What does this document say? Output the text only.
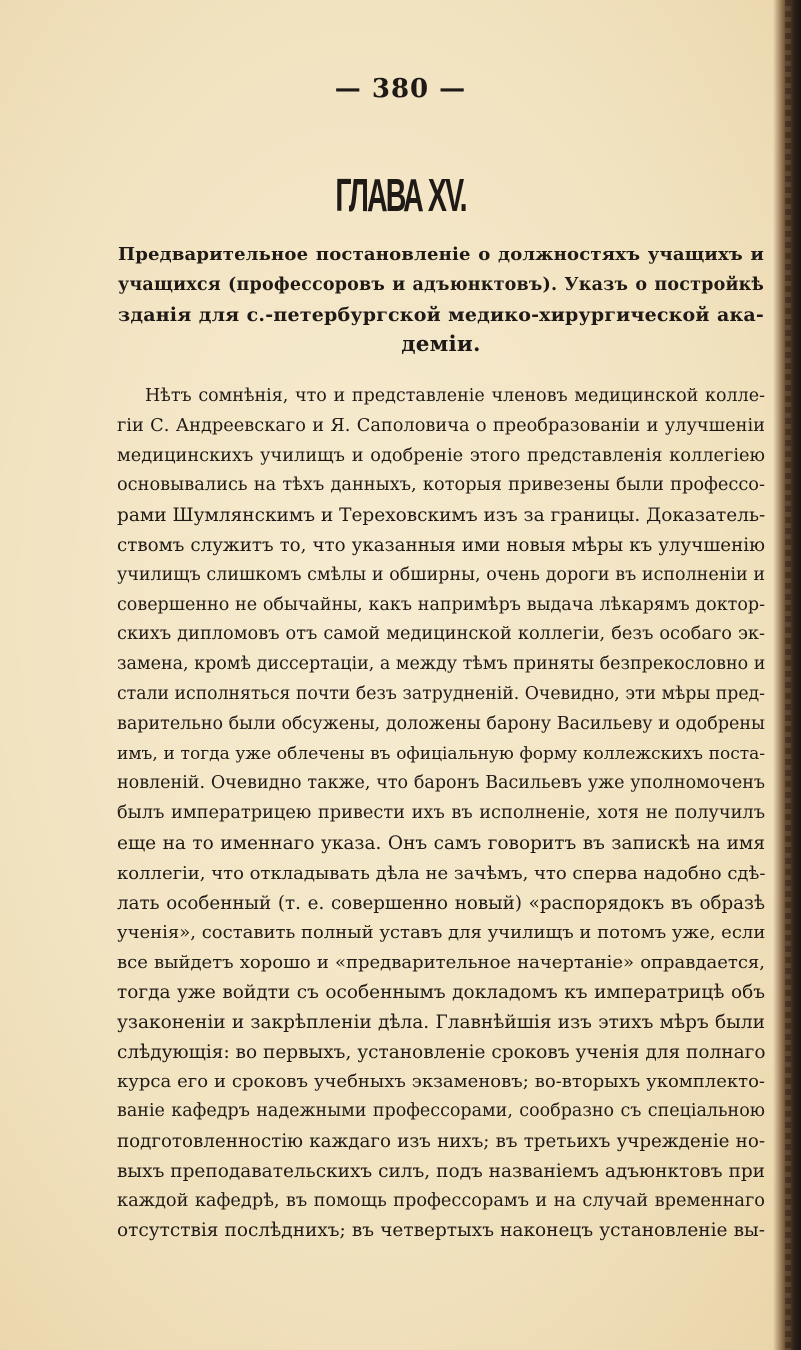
— 380 —
ГЛАВА XV.
Предварительное постановленіе о должностяхъ учащихъ и
учащихся (профессоровъ и адъюнктовъ). Указъ о постройкѣ
зданія для с.-петербургской медико-хирургической ака-
деміи.
Нѣтъ сомнѣнія, что и представленіе членовъ медицинской колле-
гіи С. Андреевскаго и Я. Саполовича о преобразованіи и улучшеніи
медицинскихъ училищъ и одобреніе этого представленія коллегіею
основывались на тѣхъ данныхъ, которыя привезены были профессо-
рами Шумлянскимъ и Тереховскимъ изъ за границы. Доказатель-
ствомъ служитъ то, что указанныя ими новыя мѣры къ улучшенію
училищъ слишкомъ смѣлы и обширны, очень дороги въ исполненіи и
совершенно не обычайны, какъ напримѣръ выдача лѣкарямъ доктор-
скихъ дипломовъ отъ самой медицинской коллегіи, безъ особаго эк-
замена, кромѣ диссертаціи, а между тѣмъ приняты безпрекословно и
стали исполняться почти безъ затрудненій. Очевидно, эти мѣры пред-
варительно были обсужены, доложены барону Васильеву и одобрены
имъ, и тогда уже облечены въ офиціальную форму коллежскихъ поста-
новленій. Очевидно также, что баронъ Васильевъ уже уполномоченъ
былъ императрицею привести ихъ въ исполненіе, хотя не получилъ
еще на то именнаго указа. Онъ самъ говоритъ въ запискѣ на имя
коллегіи, что откладывать дѣла не зачѣмъ, что сперва надобно сдѣ-
лать особенный (т. е. совершенно новый) «распорядокъ въ образѣ
ученія», составить полный уставъ для училищъ и потомъ уже, если
все выйдетъ хорошо и «предварительное начертаніе» оправдается,
тогда уже войдти съ особеннымъ докладомъ къ императрицѣ объ
узаконеніи и закрѣпленіи дѣла. Главнѣйшія изъ этихъ мѣръ были
слѣдующія: во первыхъ, установленіе сроковъ ученія для полнаго
курса его и сроковъ учебныхъ экзаменовъ; во-вторыхъ укомплекто-
ваніе кафедръ надежными профессорами, сообразно съ спеціальною
подготовленностію каждаго изъ нихъ; въ третьихъ учрежденіе но-
выхъ преподавательскихъ силъ, подъ названіемъ адъюнктовъ при
каждой кафедрѣ, въ помощь профессорамъ и на случай временнаго
отсутствія послѣднихъ; въ четвертыхъ наконецъ установленіе вы-
